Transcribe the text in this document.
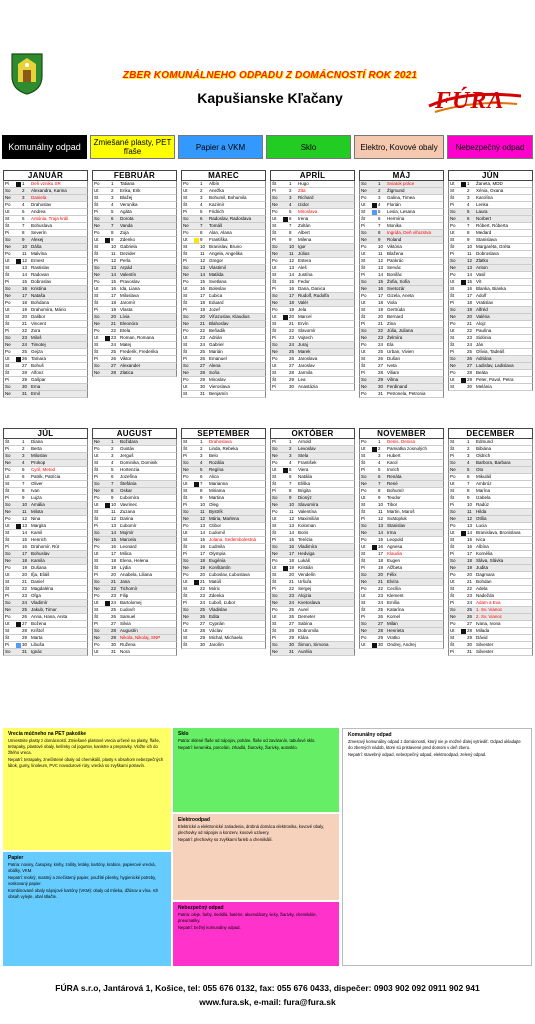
ZBER KOMUNÁLNEHO ODPADU Z DOMÁCNOSTÍ ROK 2021
Kapušianske Kľačany	FÚRA
Komunálny odpad	Zmiešané plasty, PET fľaše	Papier a VKM	Sklo	Elektro, Kovové obaly Nebezpečný odpad
JANUÁR
Pi	1	Deň vzniku SR
So	2	Alexandra, Karina
Ne	3	Daniela
Po	4	Drahoslav
Ut	5	Andrea
St	6	Antónia, Traja králi
Št	7	Bohuslava
Pi	8	Severín
So	9	Alexej
Ne	10 Dáša
Po	11 Malvína
Ut	12 Ernest
St	13 Rastislav
Št	14 Radovan
Pi	15 Dobroslav
So	16 Kristína
Ne	17 Nataša
Po	18 Bohdana
Ut	19 Drahomíra, Mário
St	20 Dalibor
Št	21 Vincent
Pi	22 Zora
So	23 Miloš
Ne	24 Timotej
Po	25 Gejza
Ut	26 Tamara
St	27 Bohuš
Št	28 Alfonz
Pi	29 Gašpar
So	30 Ema
Ne	31 Emil
FEBRUÁR
Po	1	Tatiana
Ut	2	Erika, Erik
St	3	Blažej
Št	4	Veronika
Pi	5	Agáta
So	6	Dorota
Ne	7	Vanda
Po	8	Zoja
Ut	9	Zdenko
St	10 Gabriela
Št	11 Dezider
Pi	12 Perla
So	13 Arpád
Ne	14 Valentín
Po	15 Pravoslav
Ut	16 Ida, Liana
St	17 Miloslava
Št	18 Jaromír
Pi	19 Vlasta
So	20 Lívia
Ne	21 Eleonóra
Po	22 Etela
Ut	23 Roman, Romana
St	24 Matej
Št	25 Frederik, Frederika
Pi	26 Viktor
So	27 Alexander
Ne	28 Zlatica
MAREC
Po	1	Albín
Ut	2	Anežka
St	3	Bohumil, Bohumila
Št	4	Kazimír
Pi	5	Fridrich
So	6	Radoslav, Radoslava
Ne	7	Tomáš
Po	8	Alan, Alana
Ut	9	Františka
St	10 Branislav, Bruno
Št	11 Angela, Angelika
Pi	12 Gregor
So	13 Vlastimil
Ne	14 Matilda
Po	15 Svetlana
Ut	16 Boleslav
St	17 Ľubica
Št	18 Eduard
Pi	19 Jozef
So	20 Víťazoslav, Klaudius
Ne	21 Blahoslav
Po	22 Beňadik
Ut	23 Adrián
St	24 Gabriel
Št	25 Marián
Pi	26 Emanuel
So	27 Alena
Ne	28 Soňa
Po	29 Miroslav
Ut	30 Vieroslava
St	31 Benjamín
APRÍL
Št	1	Hugo
Pi	2	Zita
So	3	Richard
Ne	4	Izidor
Po	5	Miroslava
Ut	6	Irena
St	7	Zoltán
Št	8	Albert
Pi	9	Milena
So	10 Igor
Ne	11 Július
Po	12 Estera
Ut	13 Aleš
St	14 Justína
Št	15 Fedor
Pi	16 Dana, Danica
So	17 Rudolf, Rudolfa
Ne	18 Valér
Po	19 Jela
Ut	20 Marcel
St	21 Ervín
Št	22 Slavomír
Pi	23 Vojtech
So	24 Juraj
Ne	25 Marek
Po	26 Jaroslava
Ut	27 Jaroslav
St	28 Jarmila
Št	29 Lea
Pi	30 Anastázia
MÁJ
So	1	Sviatok práce
Ne	2	Žigmund
Po	3	Galina, Timea
Ut	4	Florián
St	5	Lesia, Lesana
Št	6	Hermína
Pi	7	Monika
So	8	Ingrida, Deň víťazstva
Ne	9	Roland
Po	10 Viktória
Ut	11 Blažena
St	12 Pankrác
Št	13 Servác
Pi	14 Bonifác
So	15 Žofia, Sofia
Ne	16 Svetozár
Po	17 Gizela, Aneta
Ut	18 Viola
St	19 Gertrúda
Št	20 Bernard
Pi	21 Zina
So	22 Júlia, Juliana
Ne	23 Želmíra
Po	24 Ela
Ut	25 Urban, Vivien
St	26 Dušan
Št	27 Iveta
Pi	28 Viliam
So	29 Vilma
Ne	30 Ferdinand
Po	31 Petronela, Petronia
JÚN
Ut	1	Žaneta, MDD
St	2	Xénia, Oxana
Št	3	Karolína
Pi	4	Lenka
So	5	Laura
Ne	6	Norbert
Po	7	Róbert, Róberta
Ut	8	Medard
St	9	Stanislava
Št	10 Margaréta, Gréta
Pi	11 Dobroslava
So	12 Zlatko
Ne	13 Anton
Po	14 Vasil
Ut	15 Vít
St	16 Blanka, Bianka
Št	17 Adolf
Pi	18 Vratislav
So	19 Alfréd
Ne	20 Valéria
Po	21 Alojz
Ut	22 Paulína
St	23 Sidónia
Št	24 Ján
Pi	25 Olívia, Tadeáš
So	26 Adriána
Ne	27 Ladislav, Ladislava
Po	28 Beáta
Ut	29 Peter, Pavol, Petra
St	30 Melánia
JÚL
Št	1	Diana
Pi	2	Berta
So	3	Miloslav
Ne	4	Prokop
Po	5	Cyril, Metod
Ut	6	Patrik, Patrícia
St	7	Oliver
Št	8	Ivan
Pi	9	Lujza
So	10 Amália
Ne	11 Milota
Po	12 Nina
Ut	13 Margita
St	14 Kamil
Št	15 Henrich
Pi	16 Drahomír, Rút
So	17 Bohuslav
Ne	18 Kamila
Po	19 Dušana
Ut	20 Iľja, Eliáš
St	21 Daniel
Št	22 Magdaléna
Pi	23 Oľga
So	24 Vladimír
Ne	25 Jakub, Timur
Po	26 Anna, Hana, Anita
Ut	27 Božena
St	28 Krištof
Št	29 Marta
Pi	30 Libuša
So	31 Ignác
AUGUST
Ne	1	Božidara
Po	2	Gustáv
Ut	3	Jerguš
St	4	Dominika, Dominik
Št	5	Hortenzia
Pi	6	Jozefína
So	7	Štefánia
Ne	8	Oskar
Po	9	Ľubomíra
Ut	10 Vavrinec
St	11 Zuzana
Št	12 Darina
Pi	13 Ľubomír
So	14 Mojmír
Ne	15 Marcela
Po	16 Leonard
Ut	17 Milica
St	18 Elena, Helena
Št	19 Lýdia
Pi	20 Anabela, Liliana
So	21 Jana
Ne	22 Tichomír
Po	23 Filip
Ut	24 Bartolomej
St	25 Ľudovít
Št	26 Samuel
Pi	27 Silvia
So	28 Augustín
Ne	29 Nikola, Nikolaj, SNP
Po	30 Ružena
Ut	31 Nora
SEPTEMBER
St	1	Drahoslava
Št	2	Linda, Rebeka
Pi	3	Belo
So	4	Rozália
Ne	5	Regína
Po	6	Alica
Ut	7	Marianna
St	8	Miriama
Št	9	Martina
Pi	10 Oleg
So	11 Bystrík
Ne	12 Mária, Marlena
Po	13 Ctibor
Ut	14 Ľudomil
St	15 Jolana, Sedembolestná
Št	16 Ľudmila
Pi	17 Olympia
So	18 Eugénia
Ne	19 Konštantín
Po	20 Ľuboslav, Ľuboslava
Ut	21 Matúš
St	22 Móric
Št	23 Zdenka
Pi	24 Ľuboš, Ľubor
So	25 Vladislav
Ne	26 Edita
Po	27 Cyprián
Ut	28 Václav
St	29 Michal, Michaela
Št	30 Jarolím
OKTÓBER
Pi	1	Arnold
So	2	Levoslav
Ne	3	Stela
Po	4	František
Ut	5	Viera
St	6	Natália
Št	7	Eliška
Pi	8	Brigita
So	9	Dionýz
Ne	10 Slavomíra
Po	11 Valentína
Ut	12 Maximilián
St	13 Koloman
Št	14 Boris
Pi	15 Terézia
So	16 Vladimíra
Ne	17 Hedviga
Po	18 Lukáš
Ut	19 Kristián
St	20 Vendelín
Št	21 Uršuľa
Pi	22 Sergej
So	23 Alojzia
Ne	24 Kvetoslava
Po	25 Aurel
Ut	26 Demeter
St	27 Sabína
Št	28 Dobromila
Pi	29 Klára
So	30 Šimon, Simona
Ne	31 Aurélia
NOVEMBER
Po	1	Denis, Denisa
Ut	2	Pamiatka zosnulých
St	3	Hubert
Št	4	Karol
Pi	5	Imrich
So	6	Renáta
Ne	7	René
Po	8	Bohumír
Ut	9	Teodor
St	10 Tibor
Št	11 Martin, Maroš
Pi	12 Svätopluk
So	13 Stanislav
Ne	14 Irma
Po	15 Leopold
Ut	16 Agnesa
St	17 Klaudia
Št	18 Eugen
Pi	19 Alžbeta
So	20 Félix
Ne	21 Elvíra
Po	22 Cecília
Ut	23 Klement
St	24 Emília
Št	25 Katarína
Pi	26 Kornel
So	27 Milan
Ne	28 Henrieta
Po	29 Vratko
Ut	30 Ondrej, Andrej
DECEMBER
St	1	Edmund
Št	2	Bibiána
Pi	3	Oldrich
So	4	Barbora, Barbara
Ne	5	Oto
Po	6	Mikuláš
Ut	7	Ambróz
St	8	Marína
Št	9	Izabela
Pi	10 Radúz
So	11 Hilda
Ne	12 Otília
Po	13 Lucia
Ut	14 Branislava, Bronislava
St	15 Ivica
Št	16 Albína
Pi	17 Kornélia
So	18 Sláva, Slávka
Ne	19 Judita
Po	20 Dagmara
Ut	21 Bohdan
St	22 Adela
Št	23 Nadežda
Pi	24 Adam a Eva
So	25 1. Sv. Vianoc
Ne	26 2. Sv. Vianoc
Po	27 Ivana, Ivona
Ut	28 Milada
St	29 Dávid
Št	30 Silvester
Pi	31 Silvester

Vrecia múčneho na PET pakoške

Umiestnite plasty z domácností. Zmiešané plastové vrecia určené na plasty, fľaše, tetrapaky, plastové obaly, kelímky od jogurtov, kanistre a prepravky. Vložte ich do žltého vreca.

Nepatrí: tetrapaky, znečistené obaly od chemikálií, plasty s obsahom nebezpečných látok, gumy, linoleum, PVC novodurové rúry, vrecká so zvyškami potravín.

Papier

Patria: noviny, časopisy, knihy, zošity, letáky, kartóny, krabice, papierové vrecká, obálky, VKM.

Nepatrí: mokrý, mastný a znečistený papier, použité plienky, hygienické potreby, voskovaný papier.

Kombinované obaly nápojové kartóny (VKM): obaly od mlieka, džúsov a vína. Ich obsah vylejte, obal stlačte.

Sklo

Patria: sklené fľaše od nápojov, poháre, fľaše od zaváranín, tabuľové sklo.

Nepatrí: keramika, porcelán, zrkadlá, žiarovky, žiarivky, autosklo.

Elektroodpad

Elektrické a elektronické zariadenia, drobná domáca elektronika, kovové obaly, plechovky od nápojov a konzerv, kovové uzávery.

Nepatrí: plechovky so zvyškami farieb a chemikálií.

Nebezpečný odpad

Patria: oleje, farby, riedidlá, batérie, akumulátory, lieky, žiarivky, chemikálie, pneumatiky.

Nepatrí: bežný komunálny odpad.

Komunálny odpad

Zmesový komunálny odpad z domácností, ktorý nie je možné ďalej vytriediť. Odpad ukladajte do zberných nádob, ktoré sú pristavené pred domom v deň zberu.

Nepatrí: stavebný odpad, nebezpečný odpad, elektroodpad, zelený odpad.

FÚRA s.r.o, Jantárová 1, Košice, tel: 055 676 0132, fax: 055 676 0433, dispečer: 0903 902 092 0911 902 941
www.fura.sk, e-mail: fura@fura.sk
